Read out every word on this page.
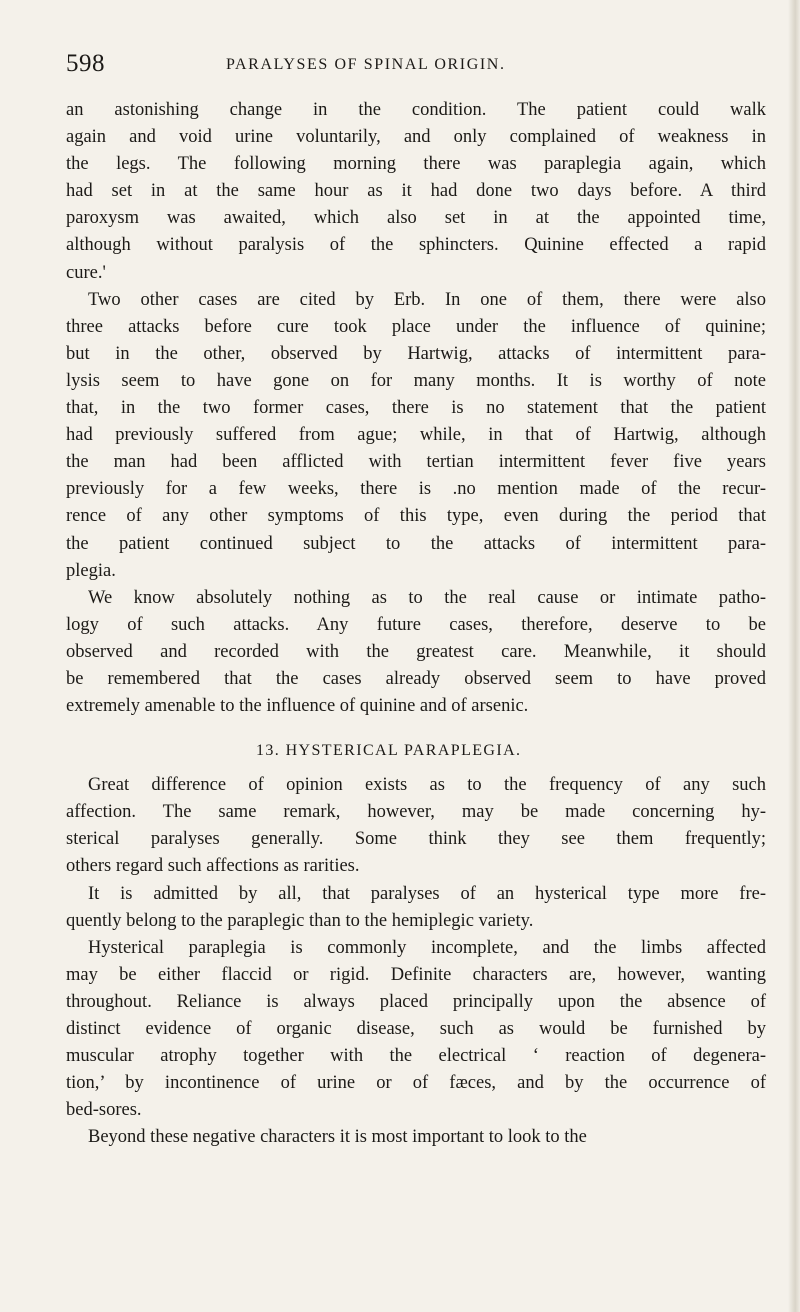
598	PARALYSES OF SPINAL ORIGIN.
an astonishing change in the condition. The patient could walk
again and void urine voluntarily, and only complained of weakness in
the legs. The following morning there was paraplegia again, which
had set in at the same hour as it had done two days before. A third
paroxysm was awaited, which also set in at the appointed time,
although without paralysis of the sphincters. Quinine effected a rapid
cure.'
Two other cases are cited by Erb. In one of them, there were also
three attacks before cure took place under the influence of quinine;
but in the other, observed by Hartwig, attacks of intermittent para-
lysis seem to have gone on for many months. It is worthy of note
that, in the two former cases, there is no statement that the patient
had previously suffered from ague; while, in that of Hartwig, although
the man had been afflicted with tertian intermittent fever five years
previously for a few weeks, there is .no mention made of the recur-
rence of any other symptoms of this type, even during the period that
the patient continued subject to the attacks of intermittent para-
plegia.
We know absolutely nothing as to the real cause or intimate patho-
logy of such attacks. Any future cases, therefore, deserve to be
observed and recorded with the greatest care. Meanwhile, it should
be remembered that the cases already observed seem to have proved
extremely amenable to the influence of quinine and of arsenic.
13. HYSTERICAL PARAPLEGIA.
Great difference of opinion exists as to the frequency of any such
affection. The same remark, however, may be made concerning hy-
sterical paralyses generally. Some think they see them frequently;
others regard such affections as rarities.
It is admitted by all, that paralyses of an hysterical type more fre-
quently belong to the paraplegic than to the hemiplegic variety.
Hysterical paraplegia is commonly incomplete, and the limbs affected
may be either flaccid or rigid. Definite characters are, however, wanting
throughout. Reliance is always placed principally upon the absence of
distinct evidence of organic disease, such as would be furnished by
muscular atrophy together with the electrical ‘ reaction of degenera-
tion,’ by incontinence of urine or of fæces, and by the occurrence of
bed-sores.
Beyond these negative characters it is most important to look to the
